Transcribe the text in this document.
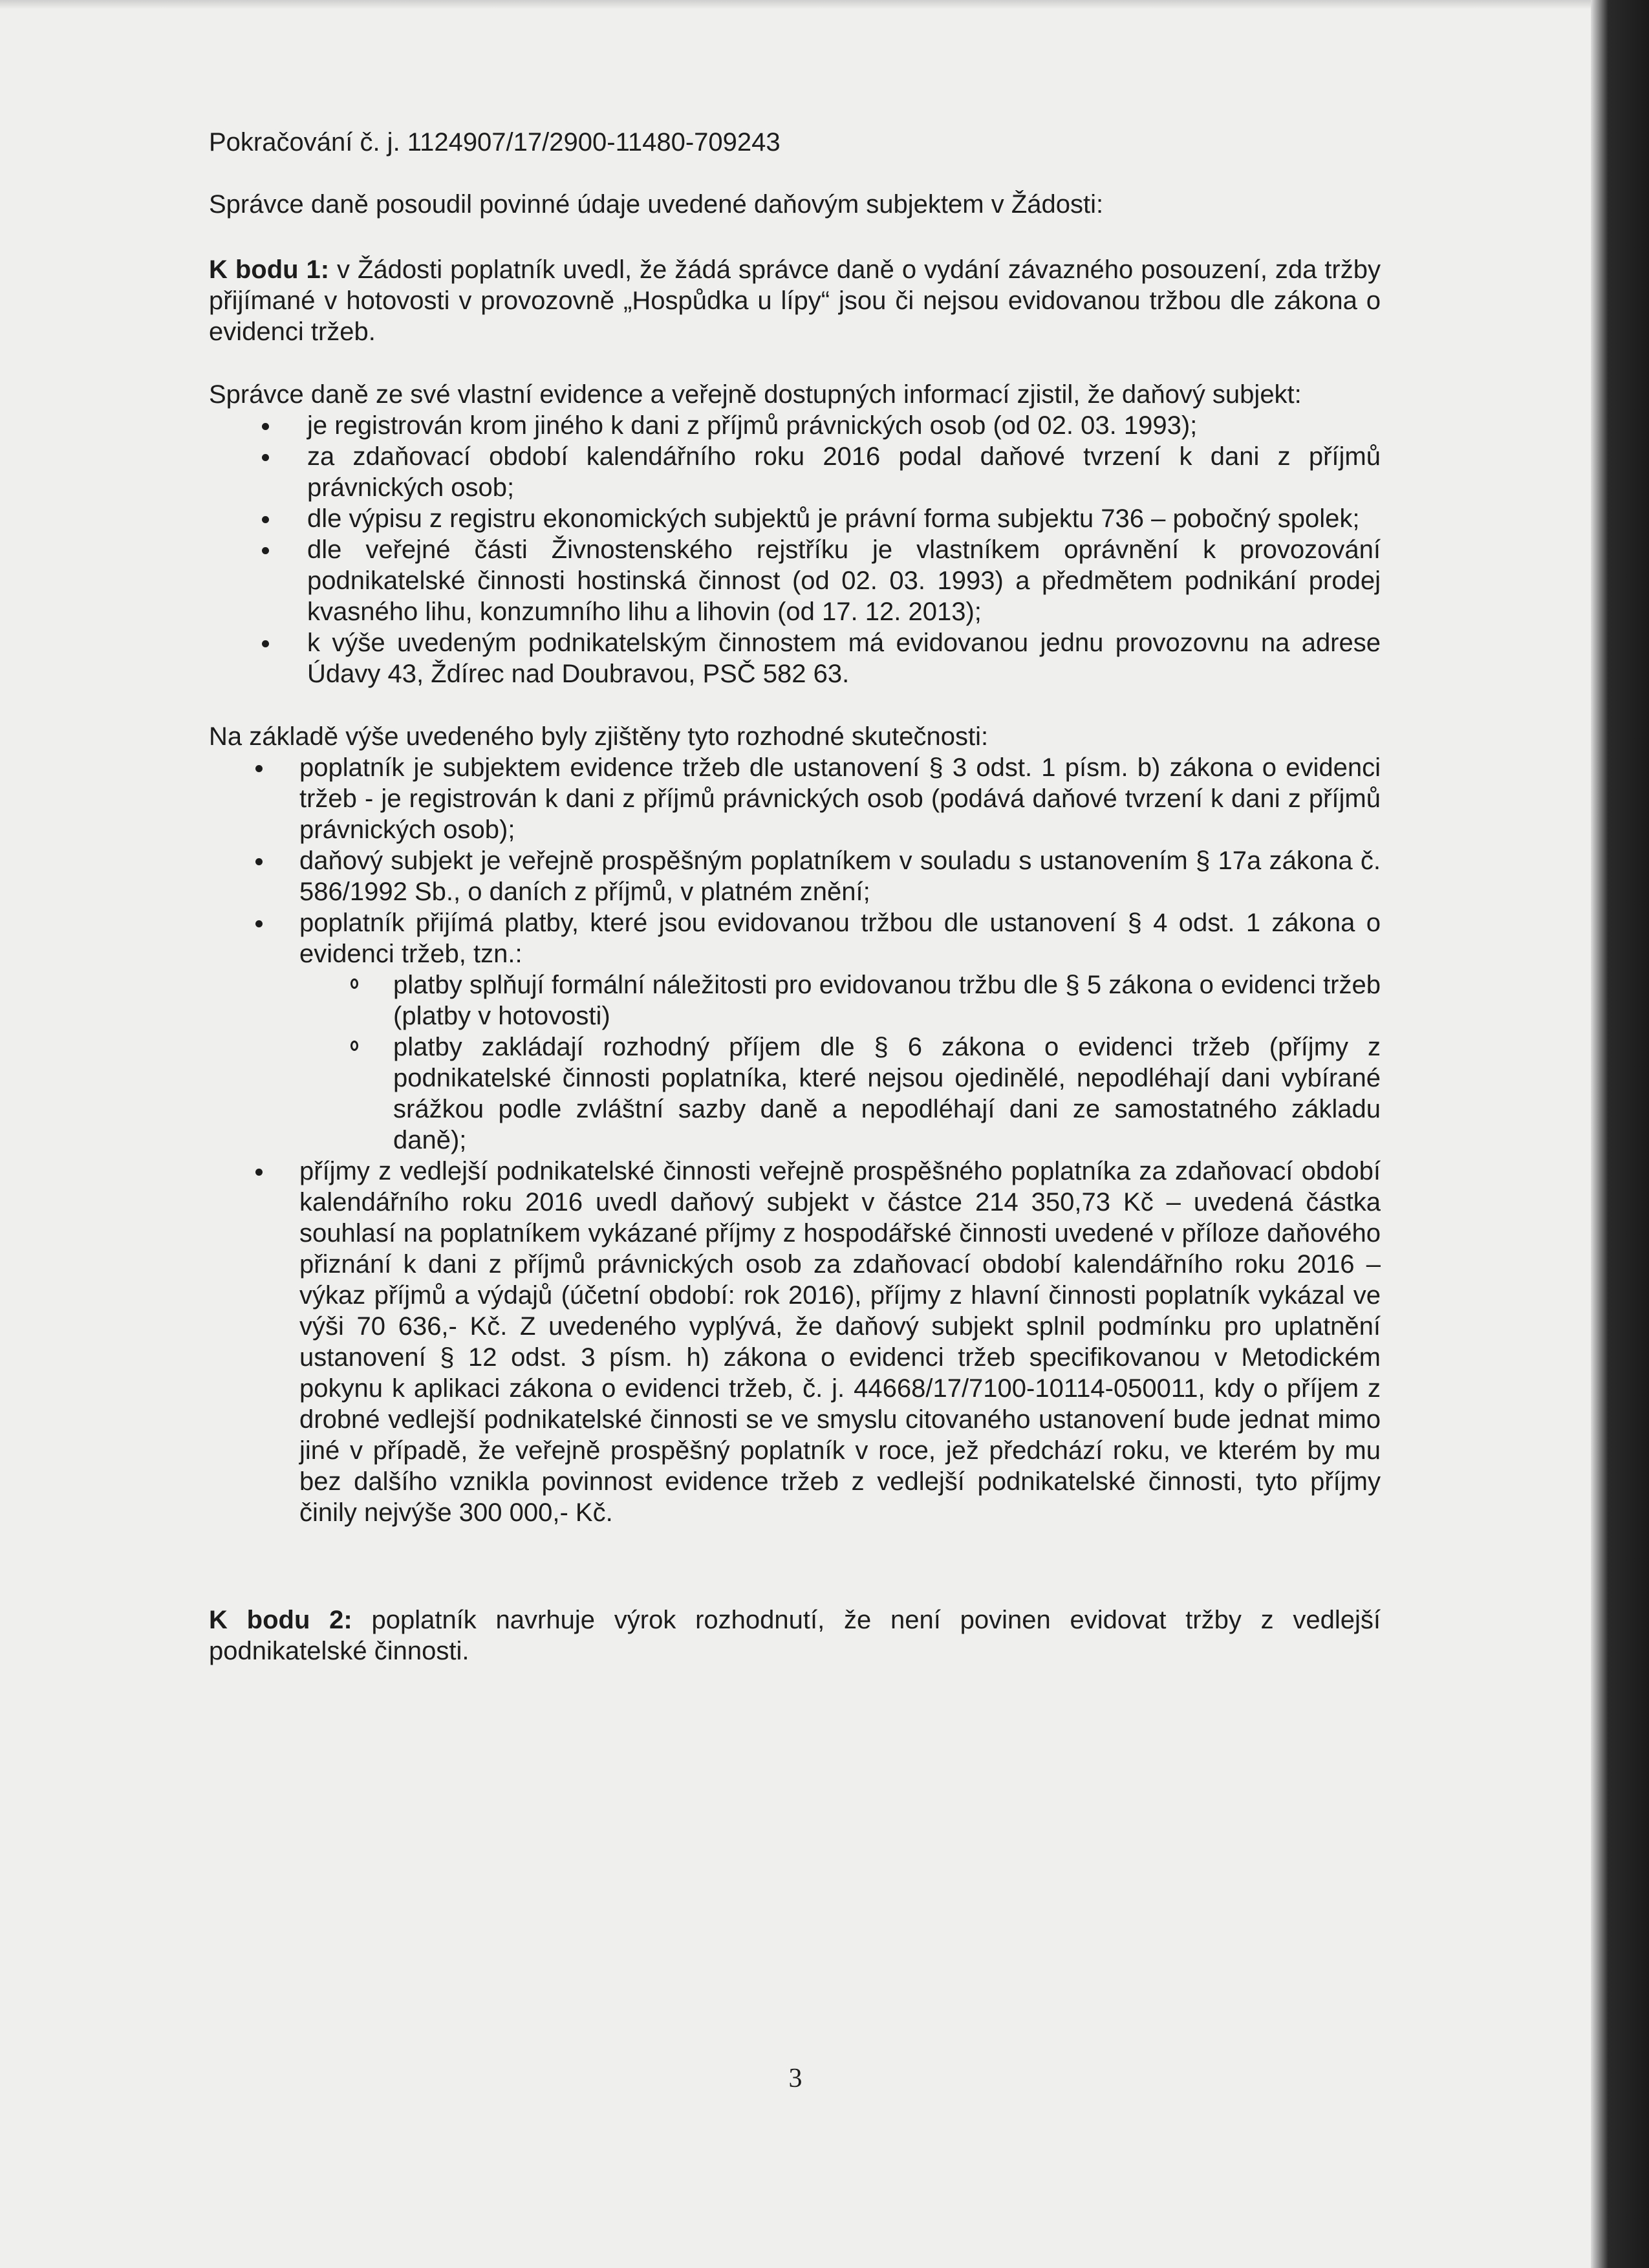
Pokračování č. j. 1124907/17/2900-11480-709243

Správce daně posoudil povinné údaje uvedené daňovým subjektem v Žádosti:

K bodu 1: v Žádosti poplatník uvedl, že žádá správce daně o vydání závazného posouzení, zda tržby přijímané v hotovosti v provozovně „Hospůdka u lípy“ jsou či nejsou evidovanou tržbou dle zákona o evidenci tržeb.

Správce daně ze své vlastní evidence a veřejně dostupných informací zjistil, že daňový subjekt:

je registrován krom jiného k dani z příjmů právnických osob (od 02. 03. 1993);
za zdaňovací období kalendářního roku 2016 podal daňové tvrzení k dani z příjmů právnických osob;
dle výpisu z registru ekonomických subjektů je právní forma subjektu 736 – pobočný spolek;
dle veřejné části Živnostenského rejstříku je vlastníkem oprávnění k provozování podnikatelské činnosti hostinská činnost (od 02. 03. 1993) a předmětem podnikání prodej kvasného lihu, konzumního lihu a lihovin (od 17. 12. 2013);
k výše uvedeným podnikatelským činnostem má evidovanou jednu provozovnu na adrese Údavy 43, Ždírec nad Doubravou, PSČ 582 63.

Na základě výše uvedeného byly zjištěny tyto rozhodné skutečnosti:

poplatník je subjektem evidence tržeb dle ustanovení § 3 odst. 1 písm. b) zákona o evidenci tržeb - je registrován k dani z příjmů právnických osob (podává daňové tvrzení k dani z příjmů právnických osob);
daňový subjekt je veřejně prospěšným poplatníkem v souladu s ustanovením § 17a zákona č. 586/1992 Sb., o daních z příjmů, v platném znění;
poplatník přijímá platby, které jsou evidovanou tržbou dle ustanovení § 4 odst. 1 zákona o evidenci tržeb, tzn.:
platby splňují formální náležitosti pro evidovanou tržbu dle § 5 zákona o evidenci tržeb (platby v hotovosti)
platby zakládají rozhodný příjem dle § 6 zákona o evidenci tržeb (příjmy z podnikatelské činnosti poplatníka, které nejsou ojedinělé, nepodléhají dani vybírané srážkou podle zvláštní sazby daně a nepodléhají dani ze samostatného základu daně);
příjmy z vedlejší podnikatelské činnosti veřejně prospěšného poplatníka za zdaňovací období kalendářního roku 2016 uvedl daňový subjekt v částce 214 350,73 Kč – uvedená částka souhlasí na poplatníkem vykázané příjmy z hospodářské činnosti uvedené v příloze daňového přiznání k dani z příjmů právnických osob za zdaňovací období kalendářního roku 2016 – výkaz příjmů a výdajů (účetní období: rok 2016), příjmy z hlavní činnosti poplatník vykázal ve výši 70 636,- Kč. Z uvedeného vyplývá, že daňový subjekt splnil podmínku pro uplatnění ustanovení § 12 odst. 3 písm. h) zákona o evidenci tržeb specifikovanou v Metodickém pokynu k aplikaci zákona o evidenci tržeb, č. j. 44668/17/7100-10114-050011, kdy o příjem z drobné vedlejší podnikatelské činnosti se ve smyslu citovaného ustanovení bude jednat mimo jiné v případě, že veřejně prospěšný poplatník v roce, jež předchází roku, ve kterém by mu bez dalšího vznikla povinnost evidence tržeb z vedlejší podnikatelské činnosti, tyto příjmy činily nejvýše 300 000,- Kč.

K bodu 2: poplatník navrhuje výrok rozhodnutí, že není povinen evidovat tržby z vedlejší podnikatelské činnosti.

3
